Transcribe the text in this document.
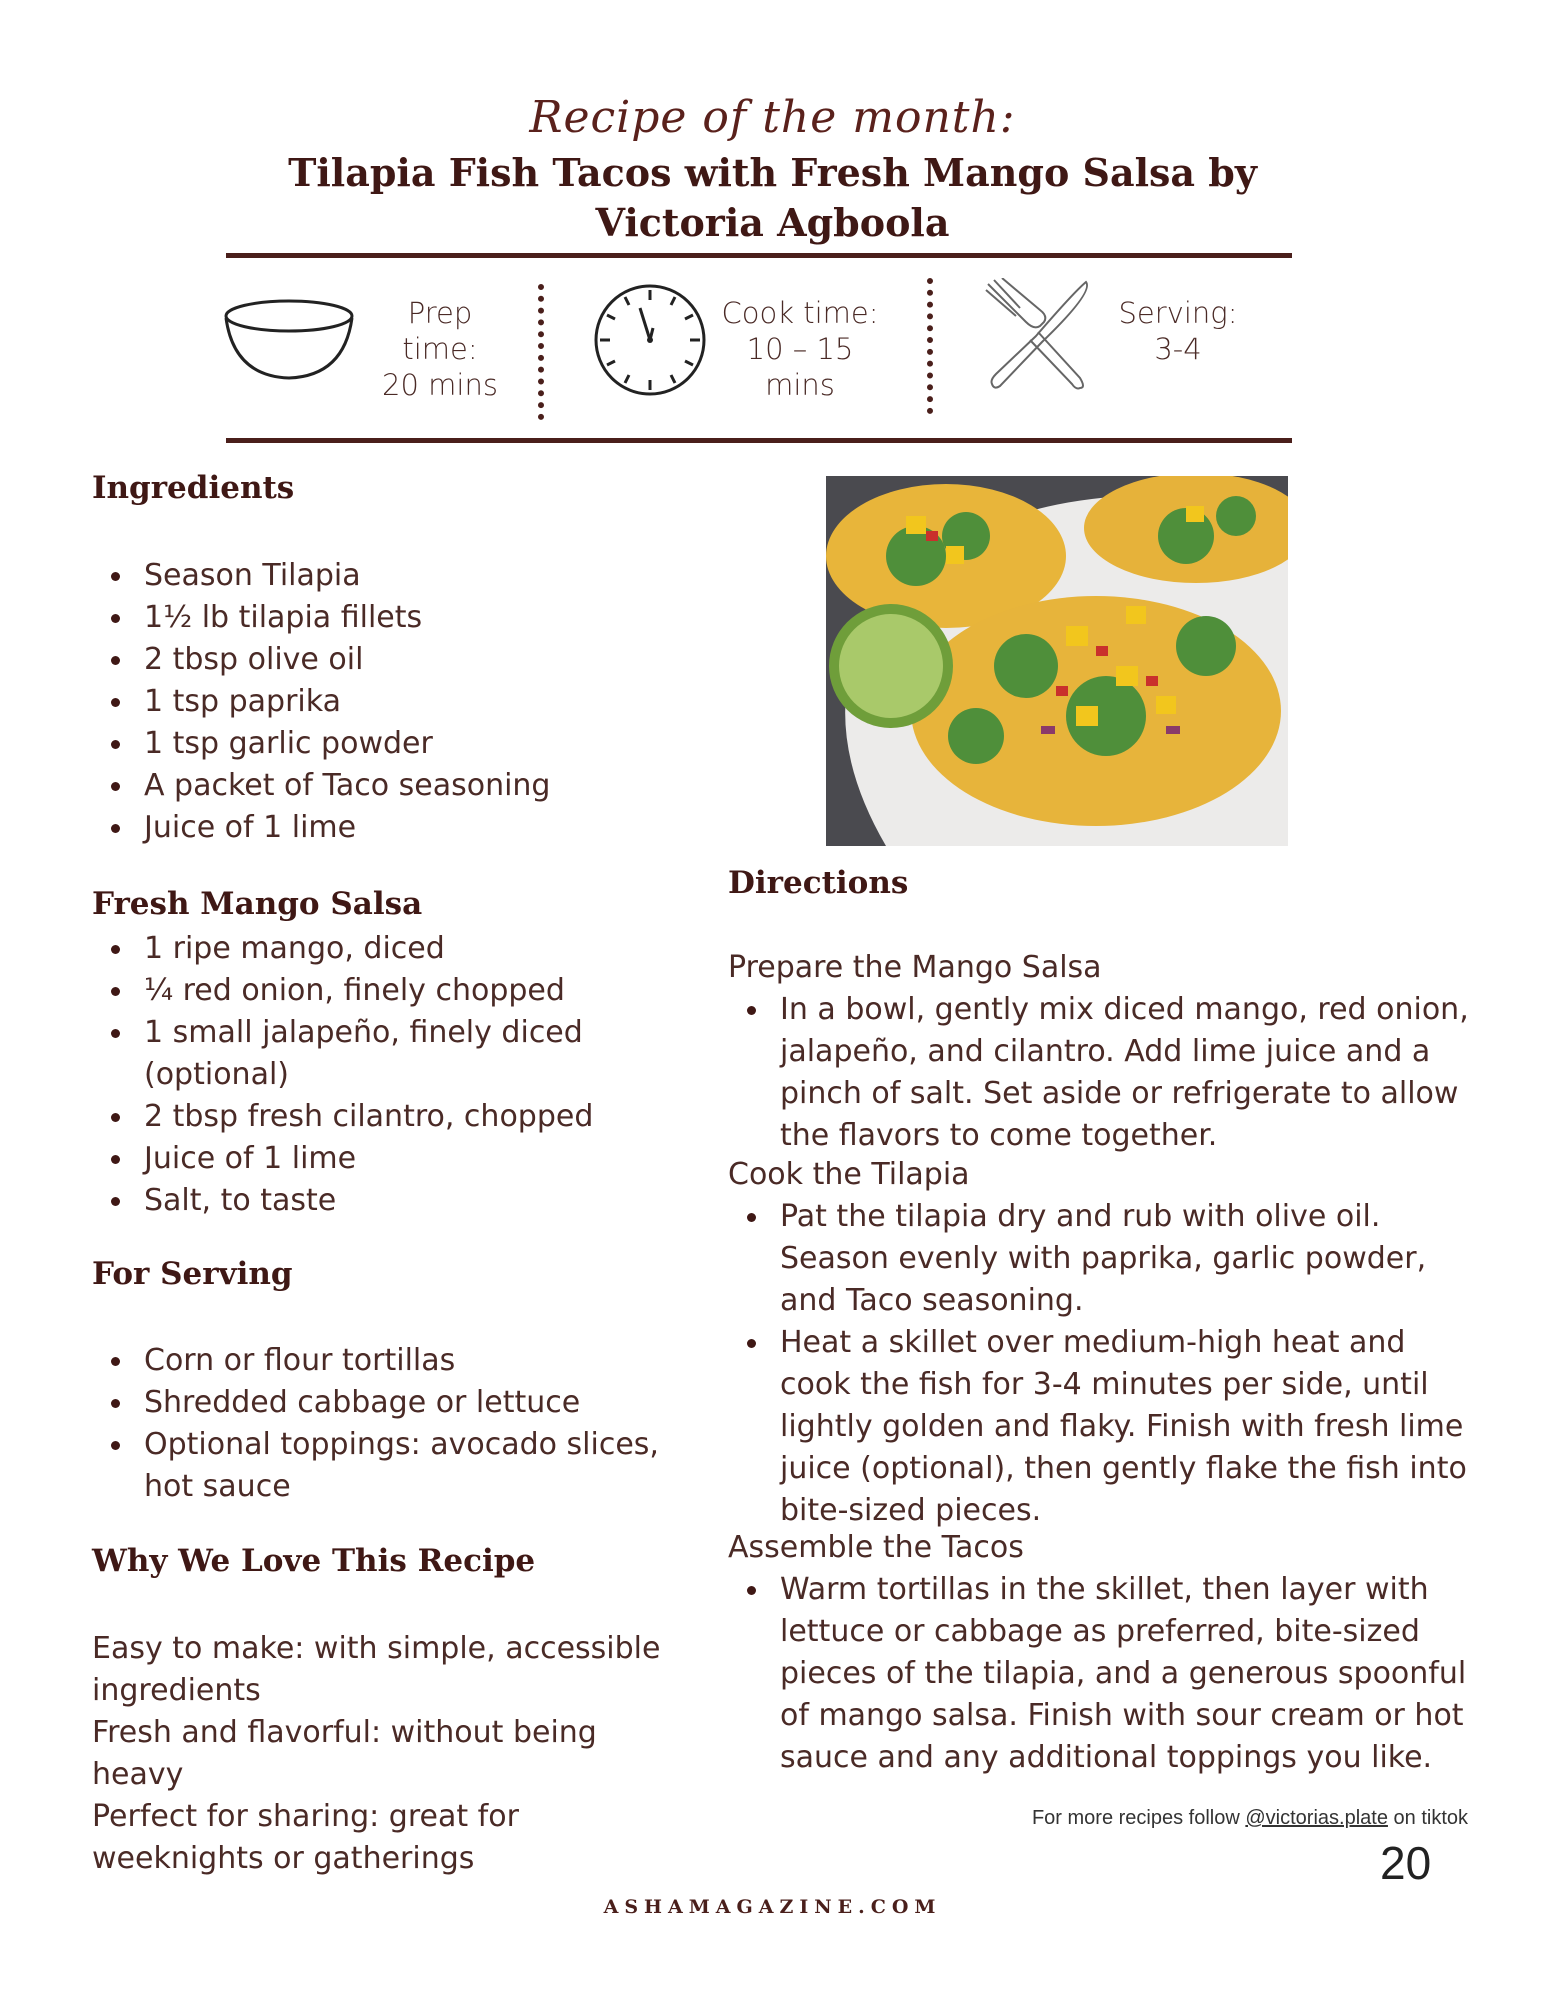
Recipe of the month:
Tilapia Fish Tacos with Fresh Mango Salsa by
Victoria Agboola
Prep time:
20 mins
Cook time:
10 – 15 mins
Serving:
3-4
Ingredients
Season Tilapia
1½ lb tilapia fillets
2 tbsp olive oil
1 tsp paprika
1 tsp garlic powder
A packet of Taco seasoning
Juice of 1 lime
Fresh Mango Salsa
1 ripe mango, diced
¼ red onion, finely chopped
1 small jalapeño, finely diced (optional)
2 tbsp fresh cilantro, chopped
Juice of 1 lime
Salt, to taste
For Serving
Corn or flour tortillas
Shredded cabbage or lettuce
Optional toppings: avocado slices, hot sauce
Why We Love This Recipe
Easy to make: with simple, accessible ingredients
Fresh and flavorful: without being heavy
Perfect for sharing: great for weeknights or gatherings
Directions
Prepare the Mango Salsa
In a bowl, gently mix diced mango, red onion, jalapeño, and cilantro. Add lime juice and a pinch of salt. Set aside or refrigerate to allow the flavors to come together.
Cook the Tilapia
Pat the tilapia dry and rub with olive oil. Season evenly with paprika, garlic powder, and Taco seasoning.
Heat a skillet over medium-high heat and cook the fish for 3-4 minutes per side, until lightly golden and flaky. Finish with fresh lime juice (optional), then gently flake the fish into bite-sized pieces.
Assemble the Tacos
Warm tortillas in the skillet, then layer with lettuce or cabbage as preferred, bite-sized pieces of the tilapia, and a generous spoonful of mango salsa. Finish with sour cream or hot sauce and any additional toppings you like.
For more recipes follow @victorias.plate on tiktok
20
ASHAMAGAZINE.COM
